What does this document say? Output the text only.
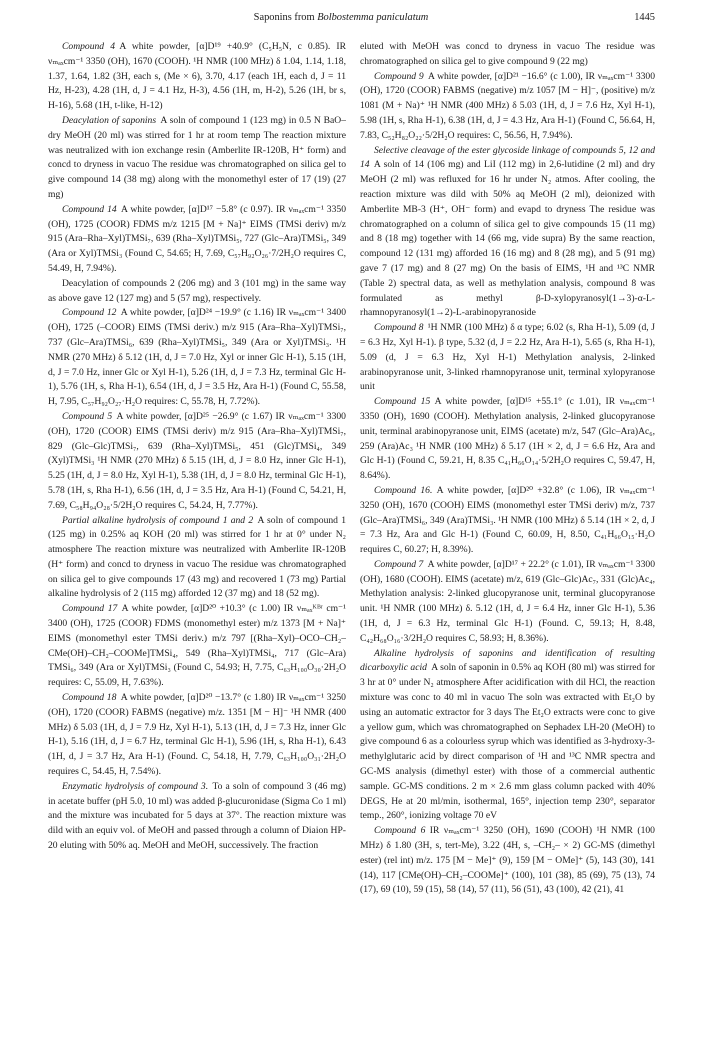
Saponins from Bolbostemma paniculatum	1445

Compound 4 A white powder, [α]D¹⁹ +40.9° (C₅H₅N, c 0.85). IR νₘₐₓcm⁻¹ 3350 (OH), 1670 (COOH). ¹H NMR (100 MHz) δ 1.04, 1.14, 1.18, 1.37, 1.64, 1.82 (3H, each s, (Me × 6), 3.70, 4.17 (each 1H, each d, J = 11 Hz, H-23), 4.28 (1H, d, J = 4.1 Hz, H-3), 4.56 (1H, m, H-2), 5.26 (1H, br s, H-16), 5.68 (1H, t-like, H-12)

Deacylation of saponins A soln of compound 1 (123 mg) in 0.5 N BaO–dry MeOH (20 ml) was stirred for 1 hr at room temp The reaction mixture was neutralized with ion exchange resin (Amberlite IR-120B, H⁺ form) and concd to dryness in vacuo The residue was chromatographed on silica gel to give compound 14 (38 mg) along with the monomethyl ester of 17 (19) (27 mg)

Compound 14 A white powder, [α]D¹⁷ −5.8° (c 0.97). IR νₘₐₓcm⁻¹ 3350 (OH), 1725 (COOR) FDMS m/z 1215 [M + Na]⁺ EIMS (TMSi deriv) m/z 915 (Ara–Rha–Xyl)TMSi₇, 639 (Rha–Xyl)TMSi₅, 727 (Glc–Ara)TMSi₅, 349 (Ara or Xyl)TMSi₃ (Found C, 54.65; H, 7.69, C₅₇H₉₂O₂₆·7/2H₂O requires C, 54.49, H, 7.94%).

Deacylation of compounds 2 (206 mg) and 3 (101 mg) in the same way as above gave 12 (127 mg) and 5 (57 mg), respectively.

Compound 12 A white powder, [α]D²⁴ −19.9° (c 1.16) IR νₘₐₓcm⁻¹ 3400 (OH), 1725 (–COOR) EIMS (TMSi deriv.) m/z 915 (Ara–Rha–Xyl)TMSi₇, 737 (Glc–Ara)TMSi₆, 639 (Rha–Xyl)TMSi₅, 349 (Ara or Xyl)TMSi₃. ¹H NMR (270 MHz) δ 5.12 (1H, d, J = 7.0 Hz, Xyl or inner Glc H-1), 5.15 (1H, d, J = 7.0 Hz, inner Glc or Xyl H-1), 5.26 (1H, d, J = 7.3 Hz, terminal Glc H-1), 5.76 (1H, s, Rha H-1), 6.54 (1H, d, J = 3.5 Hz, Ara H-1) (Found C, 55.58, H, 7.95, C₅₇H₉₂O₂₇·H₂O requires: C, 55.78, H, 7.72%).

Compound 5 A white powder, [α]D²⁵ −26.9° (c 1.67) IR νₘₐₓcm⁻¹ 3300 (OH), 1720 (COOR) EIMS (TMSi deriv) m/z 915 (Ara–Rha–Xyl)TMSi₇, 829 (Glc–Glc)TMSi₇, 639 (Rha–Xyl)TMSi₅, 451 (Glc)TMSi₄, 349 (Xyl)TMSi₃ ¹H NMR (270 MHz) δ 5.15 (1H, d, J = 8.0 Hz, inner Glc H-1), 5.25 (1H, d, J = 8.0 Hz, Xyl H-1), 5.38 (1H, d, J = 8.0 Hz, terminal Glc H-1), 5.78 (1H, s, Rha H-1), 6.56 (1H, d, J = 3.5 Hz, Ara H-1) (Found C, 54.21, H, 7.69, C₅₈H₉₄O₂₈·5/2H₂O requires C, 54.24, H, 7.77%).

Partial alkaline hydrolysis of compound 1 and 2 A soln of compound 1 (125 mg) in 0.25% aq KOH (20 ml) was stirred for 1 hr at 0° under N₂ atmosphere The reaction mixture was neutralized with Amberlite IR-120B (H⁺ form) and concd to dryness in vacuo The residue was chromatographed on silica gel to give compounds 17 (43 mg) and recovered 1 (73 mg) Partial alkaline hydrolysis of 2 (115 mg) afforded 12 (37 mg) and 18 (52 mg).

Compound 17 A white powder, [α]D²⁰ +10.3° (c 1.00) IR νₘₐₓᴷᴮʳ cm⁻¹ 3400 (OH), 1725 (COOR) FDMS (monomethyl ester) m/z 1373 [M + Na]⁺ EIMS (monomethyl ester TMSi deriv.) m/z 797 [(Rha–Xyl)–OCO–CH₂–CMe(OH)–CH₂–COOMe]TMSi₄, 549 (Rha–Xyl)TMSi₄, 717 (Glc–Ara) TMSi₆, 349 (Ara or Xyl)TMSi₃ (Found C, 54.93; H, 7.75, C₆₃H₁₀₀O₃₀·2H₂O requires: C, 55.09, H, 7.63%).

Compound 18 A white powder, [α]D²⁰ −13.7° (c 1.80) IR νₘₐₓcm⁻¹ 3250 (OH), 1720 (COOR) FABMS (negative) m/z. 1351 [M − H]⁻ ¹H NMR (400 MHz) δ 5.03 (1H, d, J = 7.9 Hz, Xyl H-1), 5.13 (1H, d, J = 7.3 Hz, inner Glc H-1), 5.16 (1H, d, J = 6.7 Hz, terminal Glc H-1), 5.96 (1H, s, Rha H-1), 6.43 (1H, d, J = 3.7 Hz, Ara H-1) (Found. C, 54.18, H, 7.79, C₆₃H₁₀₀O₃₁·2H₂O requires C, 54.45, H, 7.54%).

Enzymatic hydrolysis of compound 3. To a soln of compound 3 (46 mg) in acetate buffer (pH 5.0, 10 ml) was added β-glucuronidase (Sigma Co 1 ml) and the mixture was incubated for 5 days at 37°. The reaction mixture was dild with an equiv vol. of MeOH and passed through a column of Diaion HP-20 eluting with 50% aq. MeOH and MeOH, successively. The fraction

eluted with MeOH was concd to dryness in vacuo The residue was chromatographed on silica gel to give compound 9 (22 mg)

Compound 9 A white powder, [α]D²¹ −16.6° (c 1.00), IR νₘₐₓcm⁻¹ 3300 (OH), 1720 (COOR) FABMS (negative) m/z 1057 [M − H]⁻, (positive) m/z 1081 (M + Na)⁺ ¹H NMR (400 MHz) δ 5.03 (1H, d, J = 7.6 Hz, Xyl H-1), 5.98 (1H, s, Rha H-1), 6.38 (1H, d, J = 4.3 Hz, Ara H-1) (Found C, 56.64, H, 7.83, C₅₂H₈₂O₂₂·5/2H₂O requires: C, 56.56, H, 7.94%).

Selective cleavage of the ester glycoside linkage of compounds 5, 12 and 14 A soln of 14 (106 mg) and LiI (112 mg) in 2,6-lutidine (2 ml) and dry MeOH (2 ml) was refluxed for 16 hr under N₂ atmos. After cooling, the reaction mixture was dild with 50% aq MeOH (2 ml), deionized with Amberlite MB-3 (H⁺, OH⁻ form) and evapd to dryness The residue was chromatographed on a column of silica gel to give compounds 15 (11 mg) and 8 (18 mg) together with 14 (66 mg, vide supra) By the same reaction, compound 12 (131 mg) afforded 16 (16 mg) and 8 (28 mg), and 5 (91 mg) gave 7 (17 mg) and 8 (27 mg) On the basis of EIMS, ¹H and ¹³C NMR (Table 2) spectral data, as well as methylation analysis, compound 8 was formulated as methyl β-D-xylopyranosyl(1→3)-α-L-rhamnopyranosyl(1→2)-L-arabinopyranoside

Compound 8 ¹H NMR (100 MHz) δ α type; 6.02 (s, Rha H-1), 5.09 (d, J = 6.3 Hz, Xyl H-1). β type, 5.32 (d, J = 2.2 Hz, Ara H-1), 5.65 (s, Rha H-1), 5.09 (d, J = 6.3 Hz, Xyl H-1) Methylation analysis, 2-linked arabinopyranose unit, 3-linked rhamnopyranose unit, terminal xylopyranose unit

Compound 15 A white powder, [α]D¹⁵ +55.1° (c 1.01), IR νₘₐₓcm⁻¹ 3350 (OH), 1690 (COOH). Methylation analysis, 2-linked glucopyranose unit, terminal arabinopyranose unit, EIMS (acetate) m/z, 547 (Glc–Ara)Ac₆, 259 (Ara)Ac₃ ¹H NMR (100 MHz) δ 5.17 (1H × 2, d, J = 6.6 Hz, Ara and Glc H-1) (Found C, 59.21, H, 8.35 C₄₁H₆₆O₁₄·5/2H₂O requires C, 59.47, H, 8.64%).

Compound 16. A white powder, [α]D²⁰ +32.8° (c 1.06), IR νₘₐₓcm⁻¹ 3250 (OH), 1670 (COOH) EIMS (monomethyl ester TMSi deriv) m/z, 737 (Glc–Ara)TMSi₆, 349 (Ara)TMSi₃. ¹H NMR (100 MHz) δ 5.14 (1H × 2, d, J = 7.3 Hz, Ara and Glc H-1) (Found C, 60.09, H, 8.50, C₄₁H₆₆O₁₅·H₂O requires C, 60.27; H, 8.39%).

Compound 7 A white powder, [α]D¹⁷ + 22.2° (c 1.01), IR νₘₐₓcm⁻¹ 3300 (OH), 1680 (COOH). EIMS (acetate) m/z, 619 (Glc–Glc)Ac₇, 331 (Glc)Ac₄, Methylation analysis: 2-linked glucopyranose unit, terminal glucopyranose unit. ¹H NMR (100 MHz) δ. 5.12 (1H, d, J = 6.4 Hz, inner Glc H-1), 5.36 (1H, d, J = 6.3 Hz, terminal Glc H-1) (Found. C, 59.13; H, 8.48, C₄₂H₆₈O₁₆·3/2H₂O requires C, 58.93; H, 8.36%).

Alkaline hydrolysis of saponins and identification of resulting dicarboxylic acid A soln of saponin in 0.5% aq KOH (80 ml) was stirred for 3 hr at 0° under N₂ atmosphere After acidification with dil HCl, the reaction mixture was conc to 40 ml in vacuo The soln was extracted with Et₂O by using an automatic extractor for 3 days The Et₂O extracts were conc to give a yellow gum, which was chromatographed on Sephadex LH-20 (MeOH) to give compound 6 as a colourless syrup which was identified as 3-hydroxy-3-methylglutaric acid by direct comparison of ¹H and ¹³C NMR spectra and GC-MS analysis (dimethyl ester) with those of a commercial authentic sample. GC-MS conditions. 2 m × 2.6 mm glass column packed with 40% DEGS, He at 20 ml/min, isothermal, 165°, injection temp 230°, separator temp., 260°, ionizing voltage 70 eV

Compound 6 IR νₘₐₓcm⁻¹ 3250 (OH), 1690 (COOH) ¹H NMR (100 MHz) δ 1.80 (3H, s, tert-Me), 3.22 (4H, s, –CH₂– × 2) GC-MS (dimethyl ester) (rel int) m/z. 175 [M − Me]⁺ (9), 159 [M − OMe]⁺ (5), 143 (30), 141 (14), 117 [CMe(OH)–CH₂–COOMe]⁺ (100), 101 (38), 85 (69), 75 (13), 74 (17), 69 (10), 59 (15), 58 (14), 57 (11), 56 (51), 43 (100), 42 (21), 41
